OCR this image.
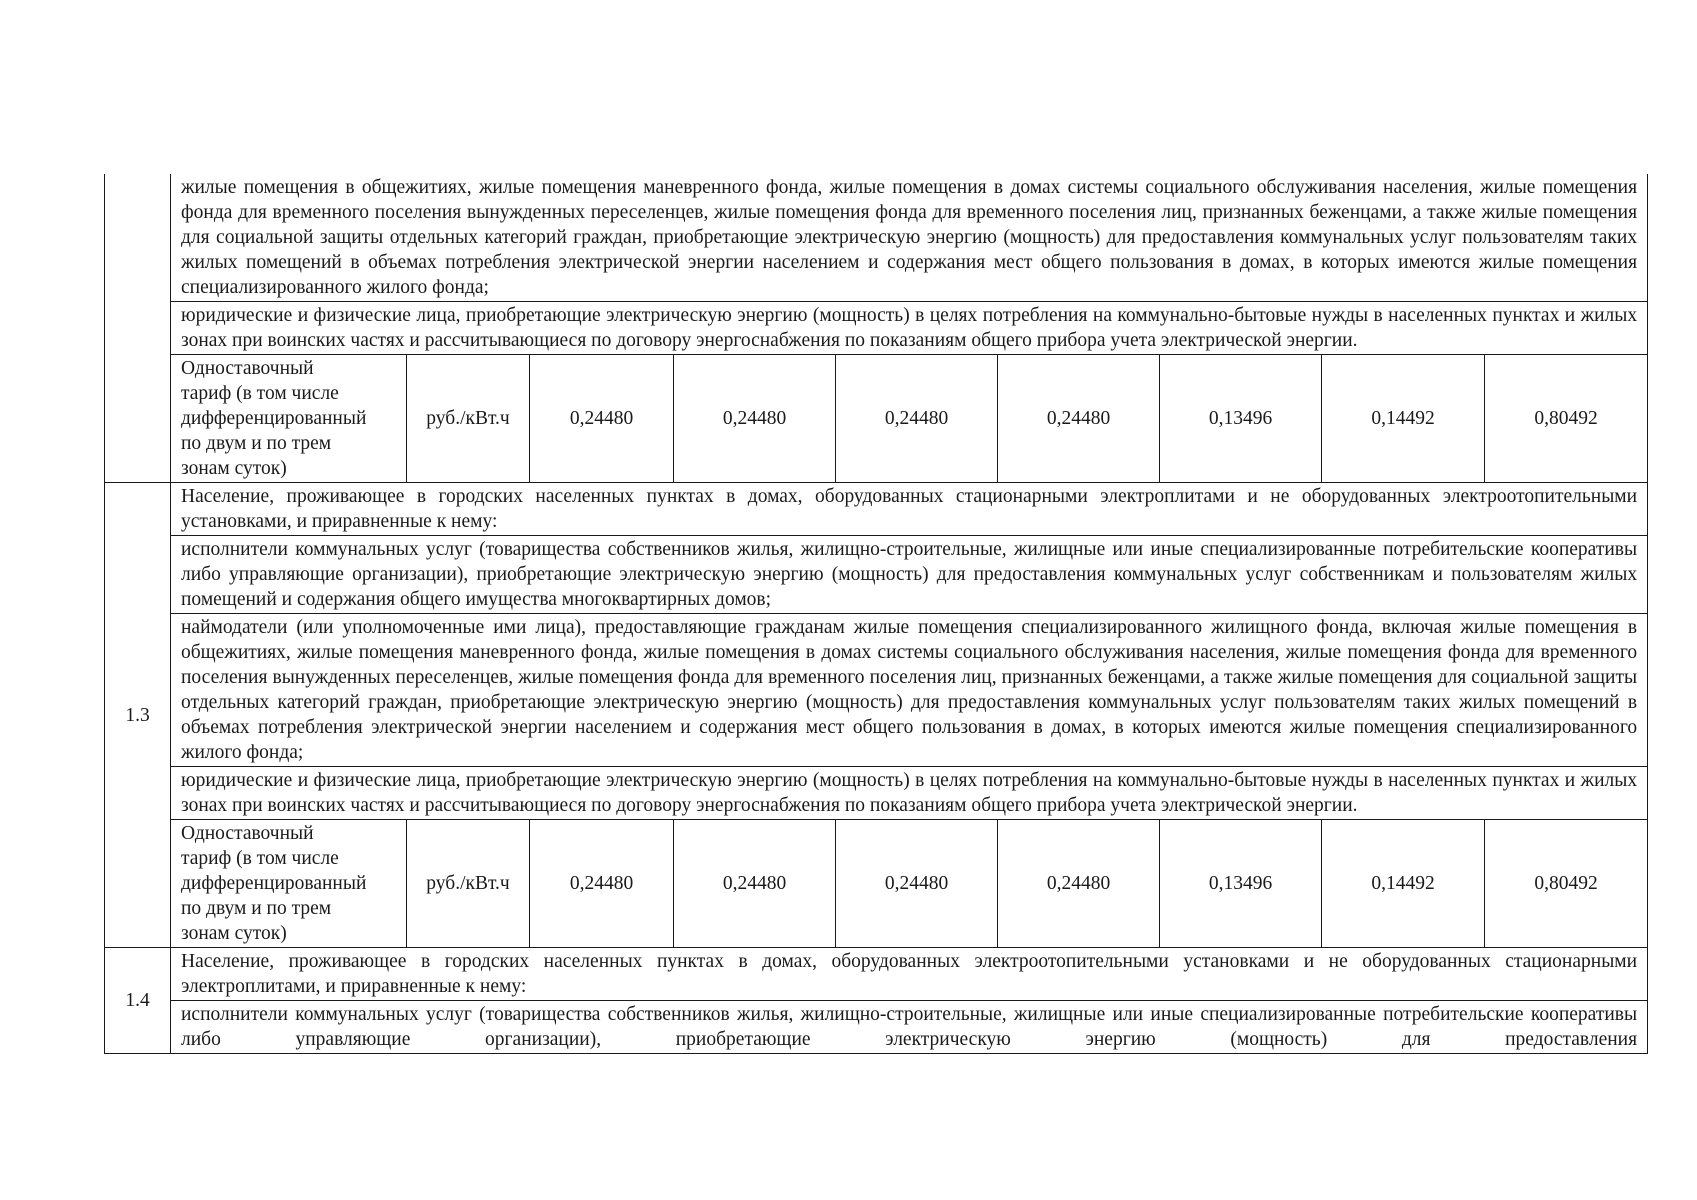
	жилые помещения в общежитиях, жилые помещения маневренного фонда, жилые помещения в домах системы социального обслуживания населения, жилые помещения фонда для временного поселения вынужденных переселенцев, жилые помещения фонда для временного поселения лиц, признанных беженцами, а также жилые помещения для социальной защиты отдельных категорий граждан, приобретающие электрическую энергию (мощность) для предоставления коммунальных услуг пользователям таких жилых помещений в объемах потребления электрической энергии населением и содержания мест общего пользования в домах, в которых имеются жилые помещения специализированного жилого фонда;								
	юридические и физические лица, приобретающие электрическую энергию (мощность) в целях потребления на коммунально-бытовые нужды в населенных пунктах и жилых зонах при воинских частях и рассчитывающиеся по договору энергоснабжения по показаниям общего прибора учета электрической энергии.								

	Одноставочный
тариф (в том числе
дифференцированный
по двум и по трем
зонам суток)	руб./кВт.ч	0,24480	0,24480	0,24480	0,24480	0,13496	0,14492	0,80492
1.3	Население, проживающее в городских населенных пунктах в домах, оборудованных стационарными электроплитами и не оборудованных электроотопительными установками, и приравненные к нему:								
	исполнители коммунальных услуг (товарищества собственников жилья, жилищно-строительные, жилищные или иные специализированные потребительские кооперативы либо управляющие организации), приобретающие электрическую энергию (мощность) для предоставления коммунальных услуг собственникам и пользователям жилых помещений и содержания общего имущества многоквартирных домов;								
	наймодатели (или уполномоченные ими лица), предоставляющие гражданам жилые помещения специализированного жилищного фонда, включая жилые помещения в общежитиях, жилые помещения маневренного фонда, жилые помещения в домах системы социального обслуживания населения, жилые помещения фонда для временного поселения вынужденных переселенцев, жилые помещения фонда для временного поселения лиц, признанных беженцами, а также жилые помещения для социальной защиты отдельных категорий граждан, приобретающие электрическую энергию (мощность) для предоставления коммунальных услуг пользователям таких жилых помещений в объемах потребления электрической энергии населением и содержания мест общего пользования в домах, в которых имеются жилые помещения специализированного жилого фонда;								
	юридические и физические лица, приобретающие электрическую энергию (мощность) в целях потребления на коммунально-бытовые нужды в населенных пунктах и жилых зонах при воинских частях и рассчитывающиеся по договору энергоснабжения по показаниям общего прибора учета электрической энергии.								

	Одноставочный
тариф (в том числе
дифференцированный
по двум и по трем
зонам суток)	руб./кВт.ч	0,24480	0,24480	0,24480	0,24480	0,13496	0,14492	0,80492
1.4	Население, проживающее в городских населенных пунктах в домах, оборудованных электроотопительными установками и не оборудованных стационарными электроплитами, и приравненные к нему:								
	исполнители коммунальных услуг (товарищества собственников жилья, жилищно-строительные, жилищные или иные специализированные потребительские кооперативы либо управляющие организации), приобретающие электрическую энергию (мощность) для предоставления								
